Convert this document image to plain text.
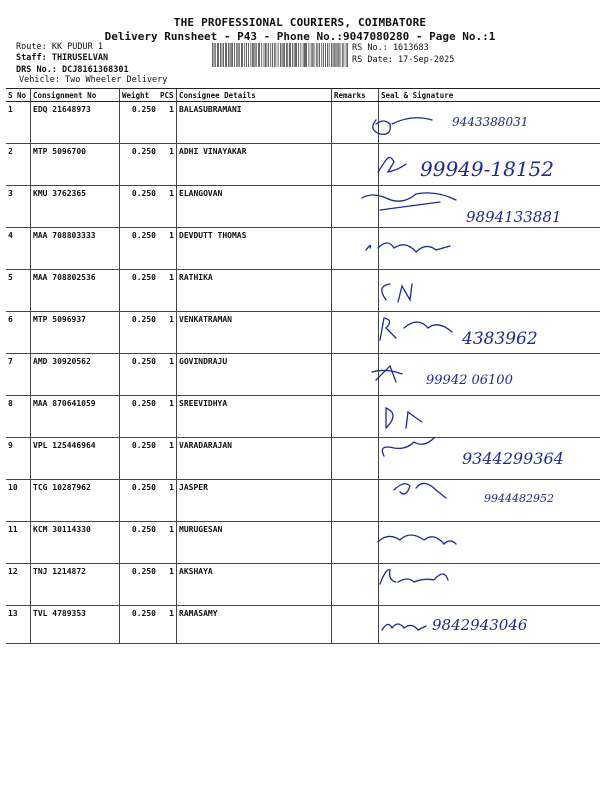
THE PROFESSIONAL COURIERS, COIMBATORE
Delivery Runsheet - P43 - Phone No.:9047080280 - Page No.:1
Route: KK PUDUR 1
Staff: THIRUSELVAN
DRS No.: DCJ8161368301
Vehicle: Two Wheeler Delivery
RS No.: 1613683
RS Date: 17-Sep-2025
S No	Consignment No	Weight	PCS	Consignee Details	Remarks	Seal & Signature
1	EDQ 21648973	0.250	1	BALASUBRAMANI		
2	MTP 5096700	0.250	1	ADHI VINAYAKAR		
3	KMU 3762365	0.250	1	ELANGOVAN		
4	MAA 708803333	0.250	1	DEVDUTT THOMAS		
5	MAA 708802536	0.250	1	RATHIKA		
6	MTP 5096937	0.250	1	VENKATRAMAN		
7	AMD 30920562	0.250	1	GOVINDRAJU		
8	MAA 870641059	0.250	1	SREEVIDHYA		
9	VPL 125446964	0.250	1	VARADARAJAN		
10	TCG 10287962	0.250	1	JASPER		
11	KCM 30114330	0.250	1	MURUGESAN		
12	TNJ 1214872	0.250	1	AKSHAYA		
13	TVL 4789353	0.250	1	RAMASAMY		
9443388031
99949-18152
9894133881
4383962
99942 06100
9344299364
9944482952
9842943046
